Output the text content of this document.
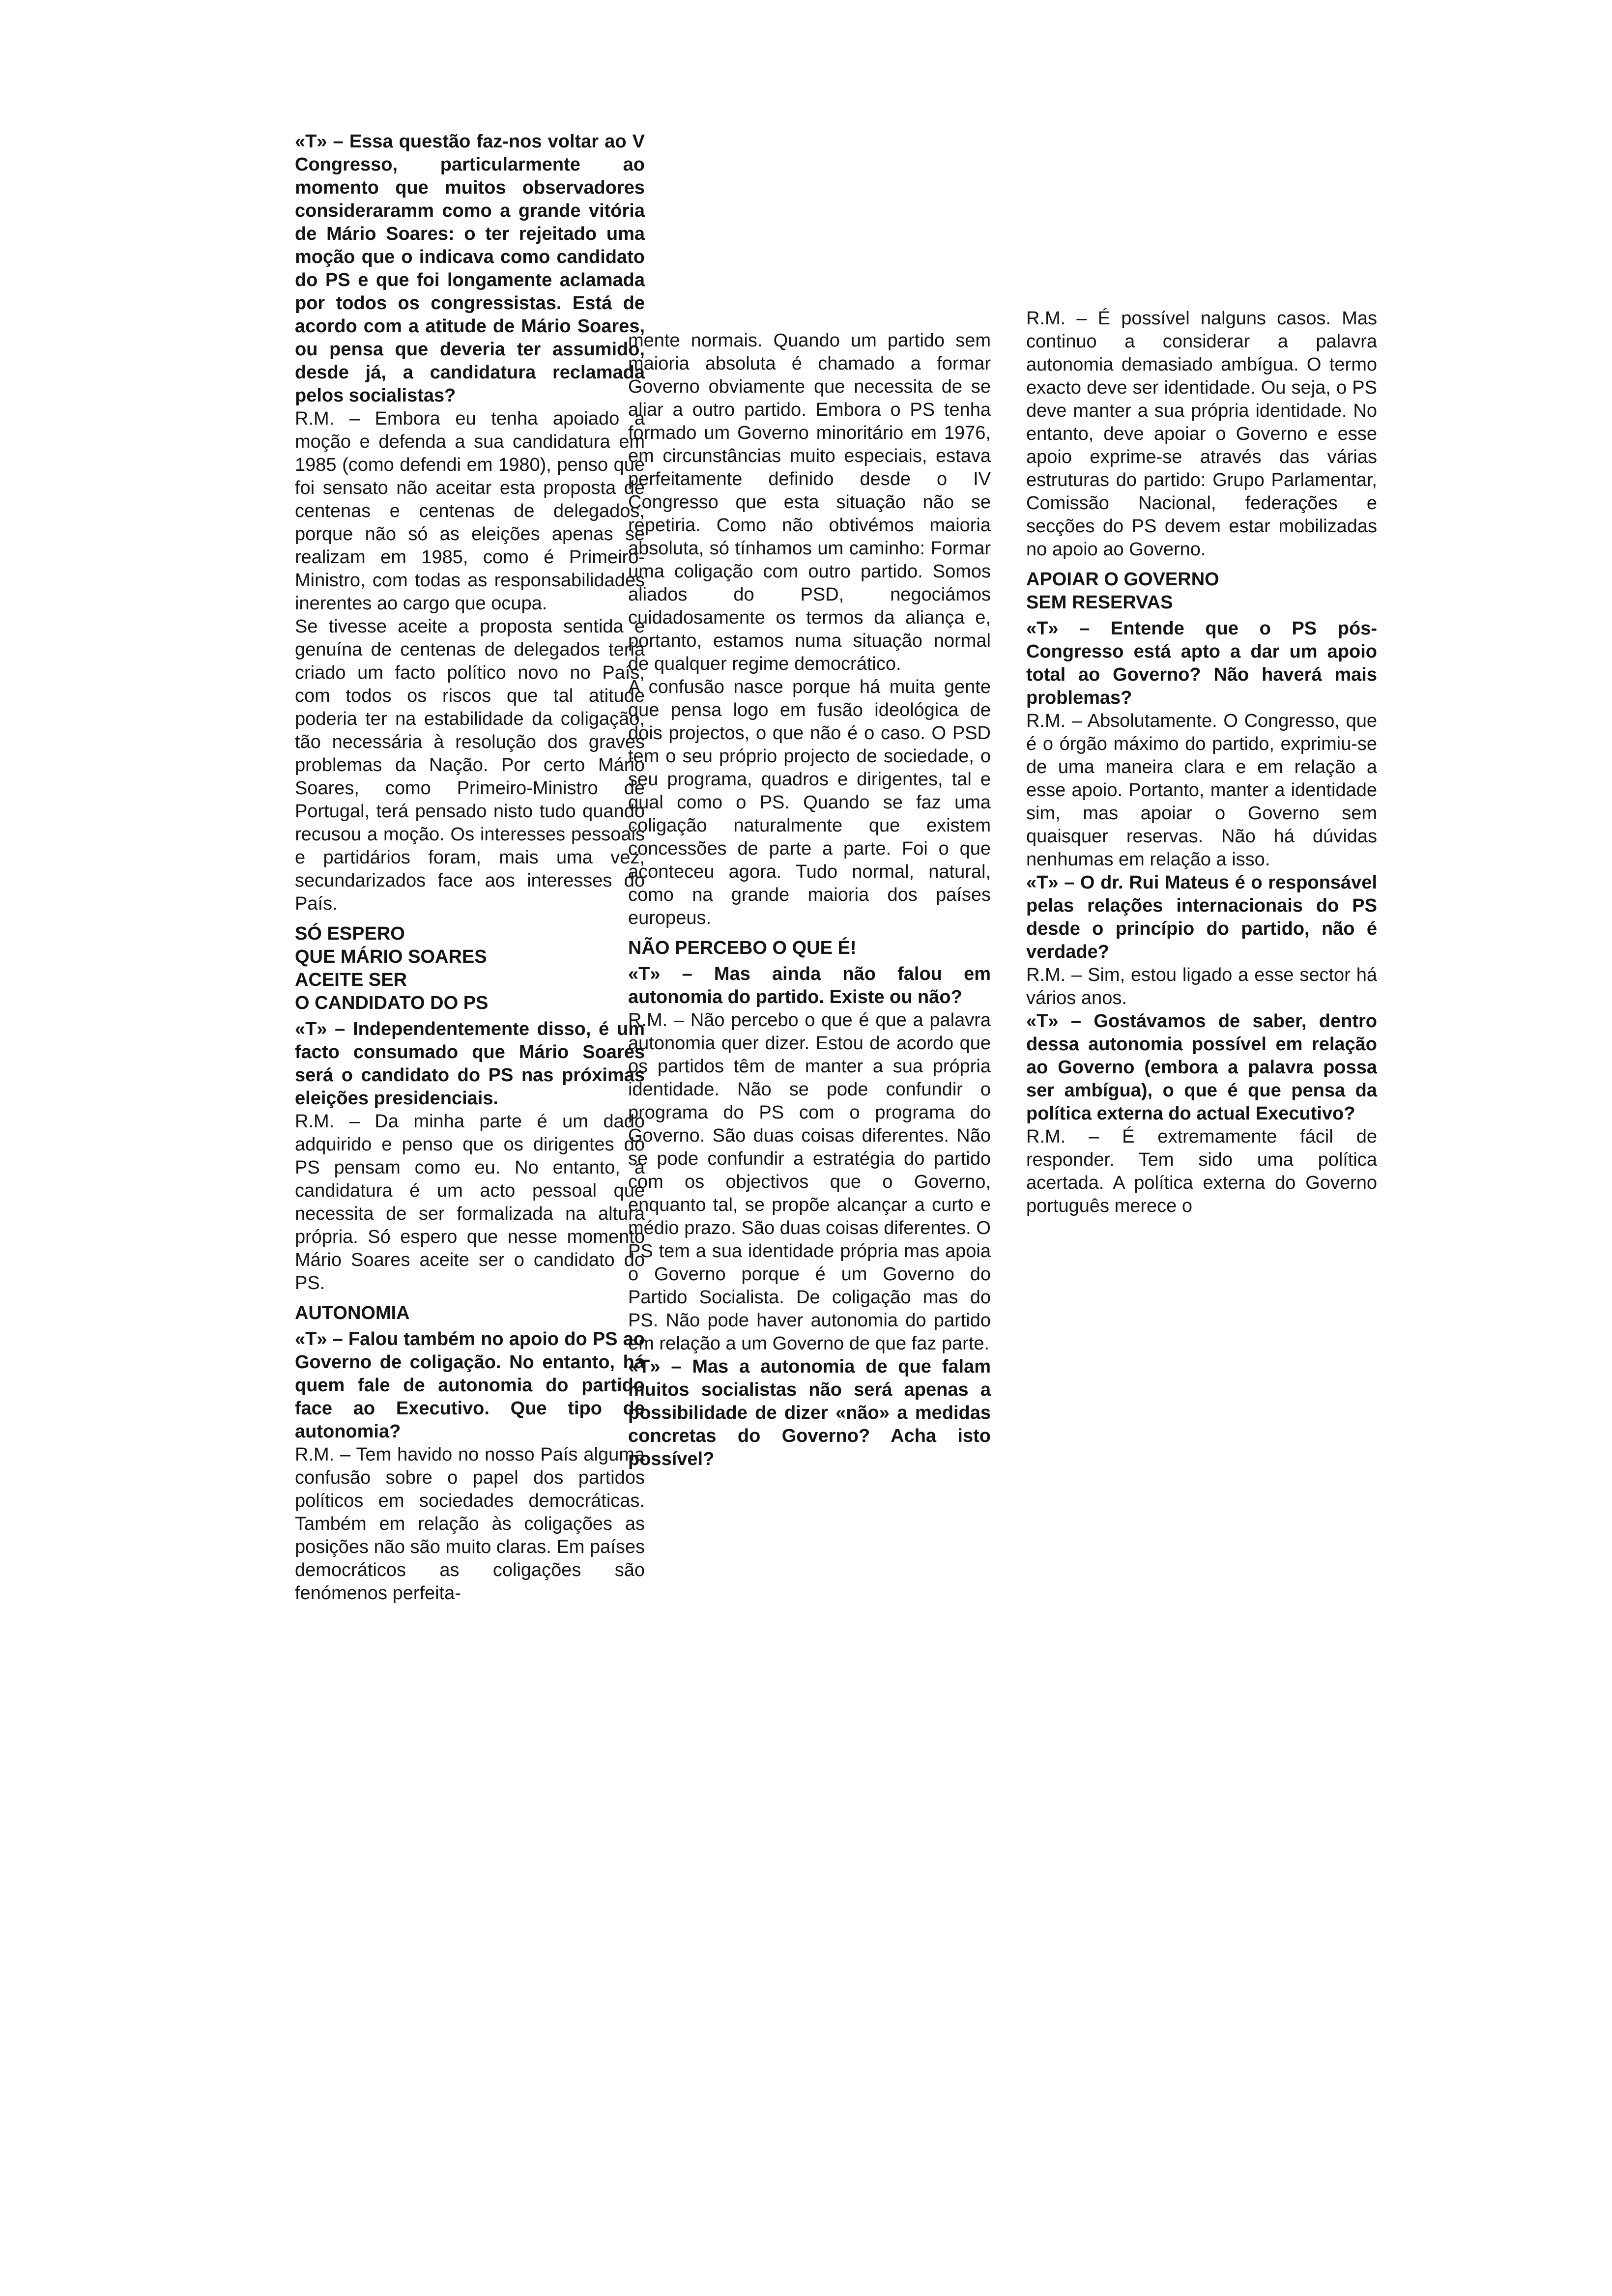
«T» – Essa questão faz-nos voltar ao V Congresso, particularmente ao momento que muitos observadores consideraramm como a grande vitória de Mário Soares: o ter rejeitado uma moção que o indicava como candidato do PS e que foi longamente aclamada por todos os congressistas. Está de acordo com a atitude de Mário Soares, ou pensa que deveria ter assumido, desde já, a candidatura reclamada pelos socialistas?

R.M. – Embora eu tenha apoiado a moção e defenda a sua candidatura em 1985 (como defendi em 1980), penso que foi sensato não aceitar esta proposta de centenas e centenas de delegados, porque não só as eleições apenas se realizam em 1985, como é Primeiro-Ministro, com todas as responsabilidades inerentes ao cargo que ocupa.

Se tivesse aceite a proposta sentida e genuína de centenas de delegados teria criado um facto político novo no País, com todos os riscos que tal atitude poderia ter na estabilidade da coligação, tão necessária à resolução dos graves problemas da Nação. Por certo Mário Soares, como Primeiro-Ministro de Portugal, terá pensado nisto tudo quando recusou a moção. Os interesses pessoais e partidários foram, mais uma vez, secundarizados face aos interesses do País.

SÓ ESPERO
QUE MÁRIO SOARES
ACEITE SER
O CANDIDATO DO PS

«T» – Independentemente disso, é um facto consumado que Mário Soares será o candidato do PS nas próximas eleições presidenciais.

R.M. – Da minha parte é um dado adquirido e penso que os dirigentes do PS pensam como eu. No entanto, a candidatura é um acto pessoal que necessita de ser formalizada na altura própria. Só espero que nesse momento Mário Soares aceite ser o candidato do PS.

AUTONOMIA

«T» – Falou também no apoio do PS ao Governo de coligação. No entanto, há quem fale de autonomia do partido face ao Executivo. Que tipo de autonomia?

R.M. – Tem havido no nosso País alguma confusão sobre o papel dos partidos políticos em sociedades democráticas. Também em relação às coligações as posições não são muito claras. Em países democráticos as coligações são fenómenos perfeita-

mente normais. Quando um partido sem maioria absoluta é chamado a formar Governo obviamente que necessita de se aliar a outro partido. Embora o PS tenha formado um Governo minoritário em 1976, em circunstâncias muito especiais, estava perfeitamente definido desde o IV Congresso que esta situação não se repetiria. Como não obtivémos maioria absoluta, só tínhamos um caminho: Formar uma coligação com outro partido. Somos aliados do PSD, negociámos cuidadosamente os termos da aliança e, portanto, estamos numa situação normal de qualquer regime democrático.

A confusão nasce porque há muita gente que pensa logo em fusão ideológica de dois projectos, o que não é o caso. O PSD tem o seu próprio projecto de sociedade, o seu programa, quadros e dirigentes, tal e qual como o PS. Quando se faz uma coligação naturalmente que existem concessões de parte a parte. Foi o que aconteceu agora. Tudo normal, natural, como na grande maioria dos países europeus.

NÃO PERCEBO O QUE É!

«T» – Mas ainda não falou em autonomia do partido. Existe ou não?

R.M. – Não percebo o que é que a palavra autonomia quer dizer. Estou de acordo que os partidos têm de manter a sua própria identidade. Não se pode confundir o programa do PS com o programa do Governo. São duas coisas diferentes. Não se pode confundir a estratégia do partido com os objectivos que o Governo, enquanto tal, se propõe alcançar a curto e médio prazo. São duas coisas diferentes. O PS tem a sua identidade própria mas apoia o Governo porque é um Governo do Partido Socialista. De coligação mas do PS. Não pode haver autonomia do partido em relação a um Governo de que faz parte.

«T» – Mas a autonomia de que falam muitos socialistas não será apenas a possibilidade de dizer «não» a medidas concretas do Governo? Acha isto possível?

R.M. – É possível nalguns casos. Mas continuo a considerar a palavra autonomia demasiado ambígua. O termo exacto deve ser identidade. Ou seja, o PS deve manter a sua própria identidade. No entanto, deve apoiar o Governo e esse apoio exprime-se através das várias estruturas do partido: Grupo Parlamentar, Comissão Nacional, federações e secções do PS devem estar mobilizadas no apoio ao Governo.

APOIAR O GOVERNO
SEM RESERVAS

«T» – Entende que o PS pós-Congresso está apto a dar um apoio total ao Governo? Não haverá mais problemas?

R.M. – Absolutamente. O Congresso, que é o órgão máximo do partido, exprimiu-se de uma maneira clara e em relação a esse apoio. Portanto, manter a identidade sim, mas apoiar o Governo sem quaisquer reservas. Não há dúvidas nenhumas em relação a isso.

«T» – O dr. Rui Mateus é o responsável pelas relações internacionais do PS desde o princípio do partido, não é verdade?

R.M. – Sim, estou ligado a esse sector há vários anos.

«T» – Gostávamos de saber, dentro dessa autonomia possível em relação ao Governo (embora a palavra possa ser ambígua), o que é que pensa da política externa do actual Executivo?

R.M. – É extremamente fácil de responder. Tem sido uma política acertada. A política externa do Governo português merece o
